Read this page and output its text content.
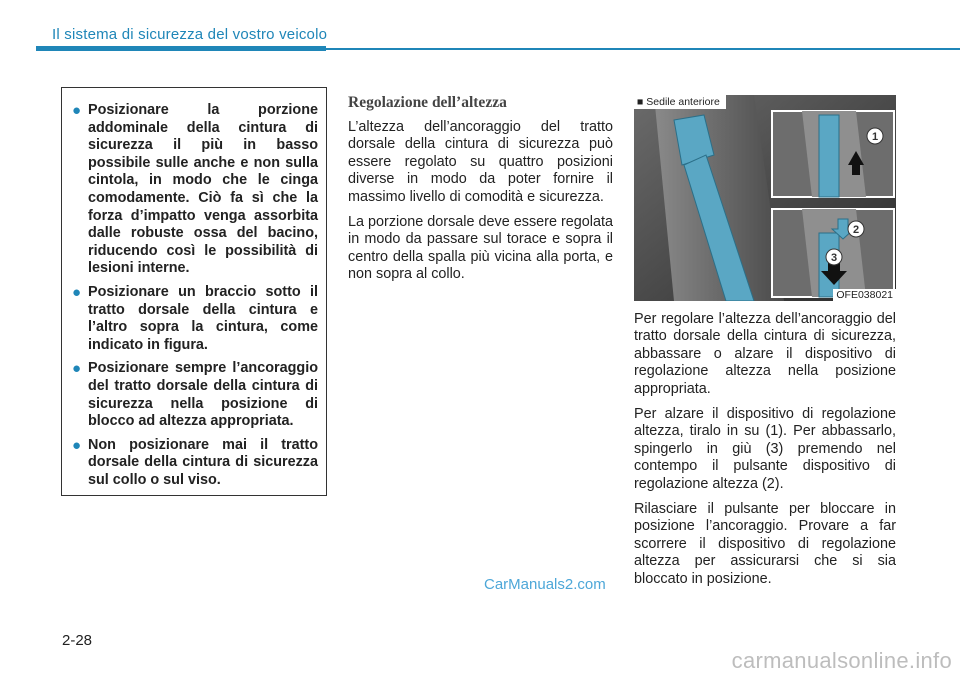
Il sistema di sicurezza del vostro veicolo
● Posizionare la porzione addominale della cintura di sicurezza il più in basso possibile sulle anche e non sulla cintola, in modo che le cinga comodamente. Ciò fa sì che la forza d’impatto venga assorbita dalle robuste ossa del bacino, riducendo così le possibilità di lesioni interne.
● Posizionare un braccio sotto il tratto dorsale della cintura e l’altro sopra la cintura, come indicato in figura.
● Posizionare sempre l’ancoraggio del tratto dorsale della cintura di sicurezza nella posizione di blocco ad altezza appropriata.
● Non posizionare mai il tratto dorsale della cintura di sicurezza sul collo o sul viso.
Regolazione dell’altezza

L’altezza dell’ancoraggio del tratto dorsale della cintura di sicurezza può essere regolato su quattro posizioni diverse in modo da poter fornire il massimo livello di comodità e sicurezza.

La porzione dorsale deve essere regolata in modo da passare sul torace e sopra il centro della spalla più vicina alla porta, e non sopra al collo.

1
2
3
■ Sedile anteriore
OFE038021

Per regolare l’altezza dell’ancoraggio del tratto dorsale della cintura di sicurezza, abbassare o alzare il dispositivo di regolazione altezza nella posizione appropriata.

Per alzare il dispositivo di regolazione altezza, tiralo in su (1). Per abbassarlo, spingerlo in giù (3) premendo nel contempo il pulsante dispositivo di regolazione altezza (2).

Rilasciare il pulsante per bloccare in posizione l’ancoraggio. Provare a far scorrere il dispositivo di regolazione altezza per assicurarsi che si sia bloccato in posizione.

CarManuals2.com
2-28
carmanualsonline.info
